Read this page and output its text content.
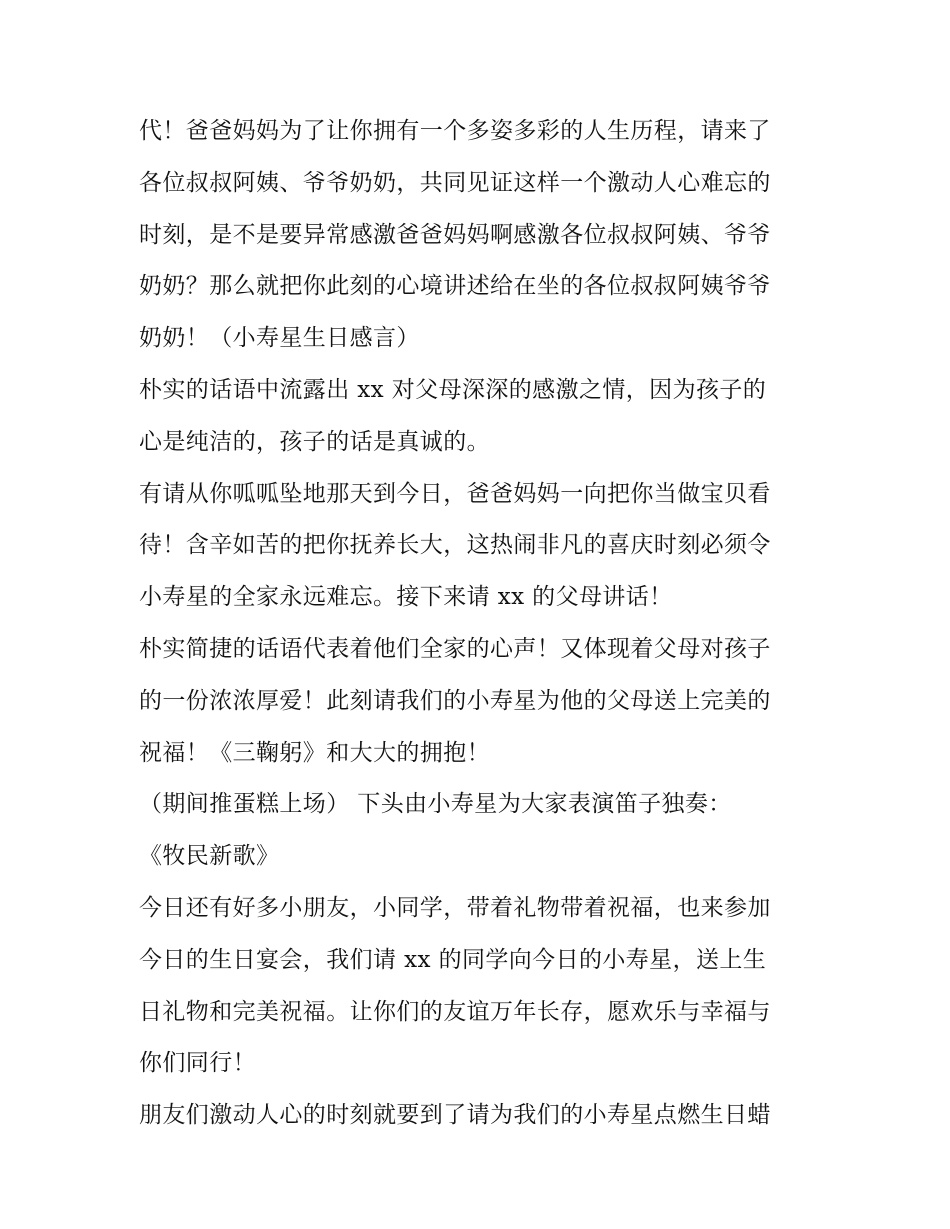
代！爸爸妈妈为了让你拥有一个多姿多彩的人生历程，请来了
各位叔叔阿姨、爷爷奶奶，共同见证这样一个激动人心难忘的
时刻，是不是要异常感激爸爸妈妈啊感激各位叔叔阿姨、爷爷
奶奶？那么就把你此刻的心境讲述给在坐的各位叔叔阿姨爷爷
奶奶！（小寿星生日感言）
朴实的话语中流露出 xx 对父母深深的感激之情，因为孩子的
心是纯洁的，孩子的话是真诚的。
有请从你呱呱坠地那天到今日，爸爸妈妈一向把你当做宝贝看
待！含辛如苦的把你抚养长大，这热闹非凡的喜庆时刻必须令
小寿星的全家永远难忘。接下来请 xx 的父母讲话！
朴实简捷的话语代表着他们全家的心声！又体现着父母对孩子
的一份浓浓厚爱！此刻请我们的小寿星为他的父母送上完美的
祝福！《三鞠躬》和大大的拥抱！
（期间推蛋糕上场） 下头由小寿星为大家表演笛子独奏：
《牧民新歌》
今日还有好多小朋友，小同学，带着礼物带着祝福，也来参加
今日的生日宴会，我们请 xx 的同学向今日的小寿星，送上生
日礼物和完美祝福。让你们的友谊万年长存，愿欢乐与幸福与
你们同行！
朋友们激动人心的时刻就要到了请为我们的小寿星点燃生日蜡
